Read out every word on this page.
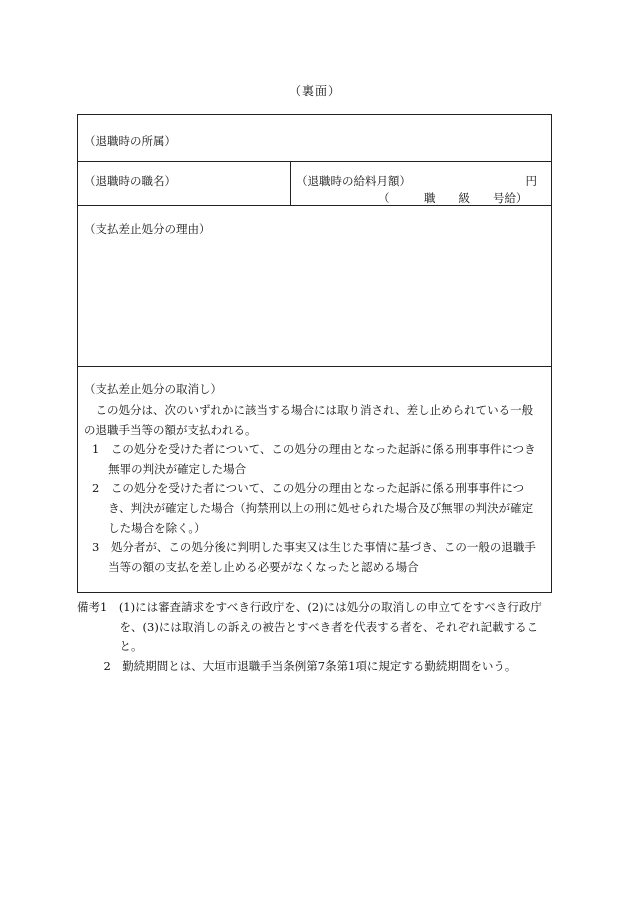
（裏面）
（退職時の所属）
（退職時の職名）	（退職時の給料月額）	円
（　　　職　　級　　号給）
（支払差止処分の理由）
（支払差止処分の取消し）

この処分は、次のいずれかに該当する場合には取り消され、差し止められている一般の退職手当等の額が支払われる。

1　この処分を受けた者について、この処分の理由となった起訴に係る刑事事件につき無罪の判決が確定した場合

2　この処分を受けた者について、この処分の理由となった起訴に係る刑事事件につき、判決が確定した場合（拘禁刑以上の刑に処せられた場合及び無罪の判決が確定した場合を除く。）

3　処分者が、この処分後に判明した事実又は生じた事情に基づき、この一般の退職手当等の額の支払を差し止める必要がなくなったと認める場合

備考1　(1)には審査請求をすべき行政庁を、(2)には処分の取消しの申立てをすべき行政庁を、(3)には取消しの訴えの被告とすべき者を代表する者を、それぞれ記載すること。

2　勤続期間とは、大垣市退職手当条例第7条第1項に規定する勤続期間をいう。
